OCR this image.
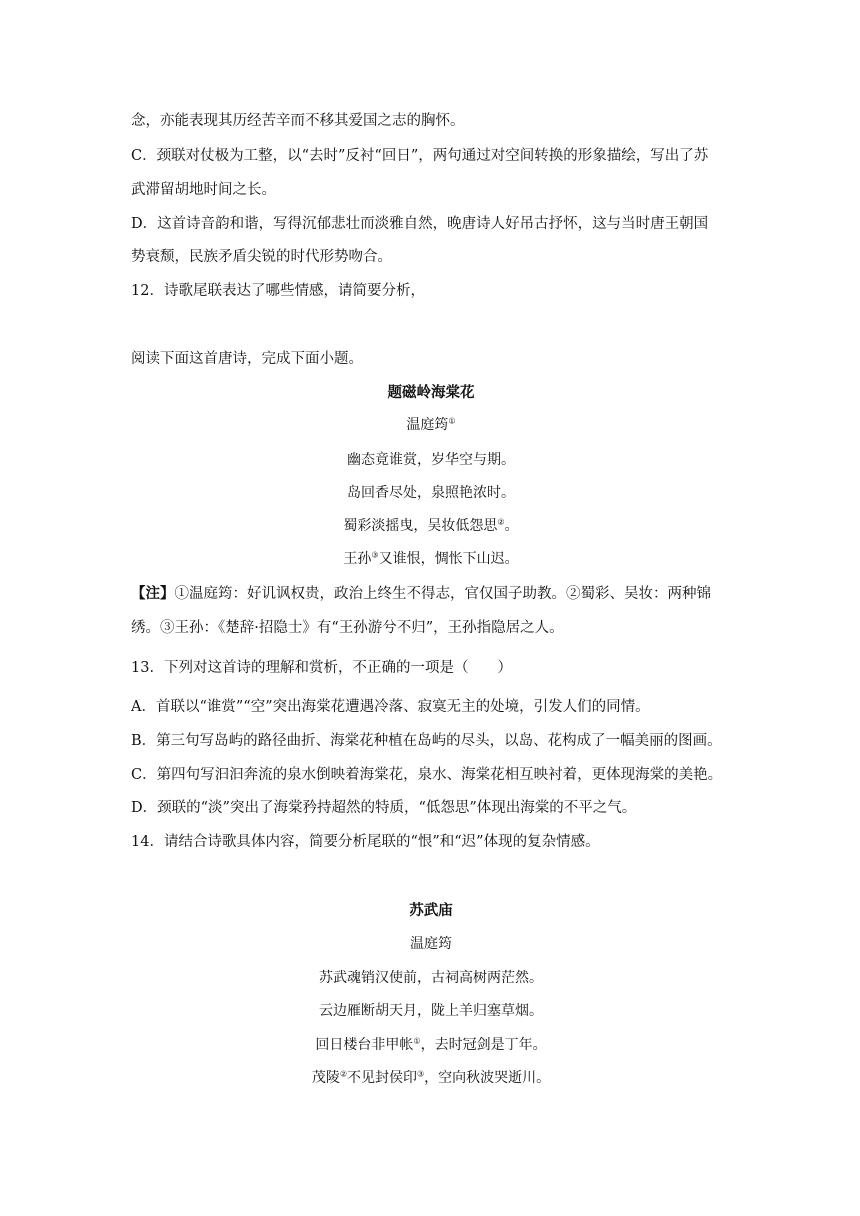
念，亦能表现其历经苦辛而不移其爱国之志的胸怀。
C．颈联对仗极为工整，以“去时”反衬“回日”，两句通过对空间转换的形象描绘，写出了苏
武滞留胡地时间之长。
D．这首诗音韵和谐，写得沉郁悲壮而淡雅自然，晚唐诗人好吊古抒怀，这与当时唐王朝国
势衰颓，民族矛盾尖锐的时代形势吻合。
12．诗歌尾联表达了哪些情感，请简要分析，
阅读下面这首唐诗，完成下面小题。
题磁岭海棠花
温庭筠①
幽态竟谁赏，岁华空与期。
岛回香尽处，泉照艳浓时。
蜀彩淡摇曳，吴妆低怨思②。
王孙③又谁恨，惆怅下山迟。
【注】①温庭筠：好讥讽权贵，政治上终生不得志，官仅国子助教。②蜀彩、吴妆：两种锦
绣。③王孙：《楚辞·招隐士》有“王孙游兮不归”，王孙指隐居之人。
13．下列对这首诗的理解和赏析，不正确的一项是（　　）
A．首联以“谁赏”“空”突出海棠花遭遇冷落、寂寞无主的处境，引发人们的同情。
B．第三句写岛屿的路径曲折、海棠花种植在岛屿的尽头，以岛、花构成了一幅美丽的图画。
C．第四句写汩汩奔流的泉水倒映着海棠花，泉水、海棠花相互映衬着，更体现海棠的美艳。
D．颈联的“淡”突出了海棠矜持超然的特质，“低怨思”体现出海棠的不平之气。
14．请结合诗歌具体内容，简要分析尾联的“恨”和“迟”体现的复杂情感。
苏武庙
温庭筠
苏武魂销汉使前，古祠高树两茫然。
云边雁断胡天月，陇上羊归塞草烟。
回日楼台非甲帐①，去时冠剑是丁年。
茂陵②不见封侯印③，空向秋波哭逝川。
